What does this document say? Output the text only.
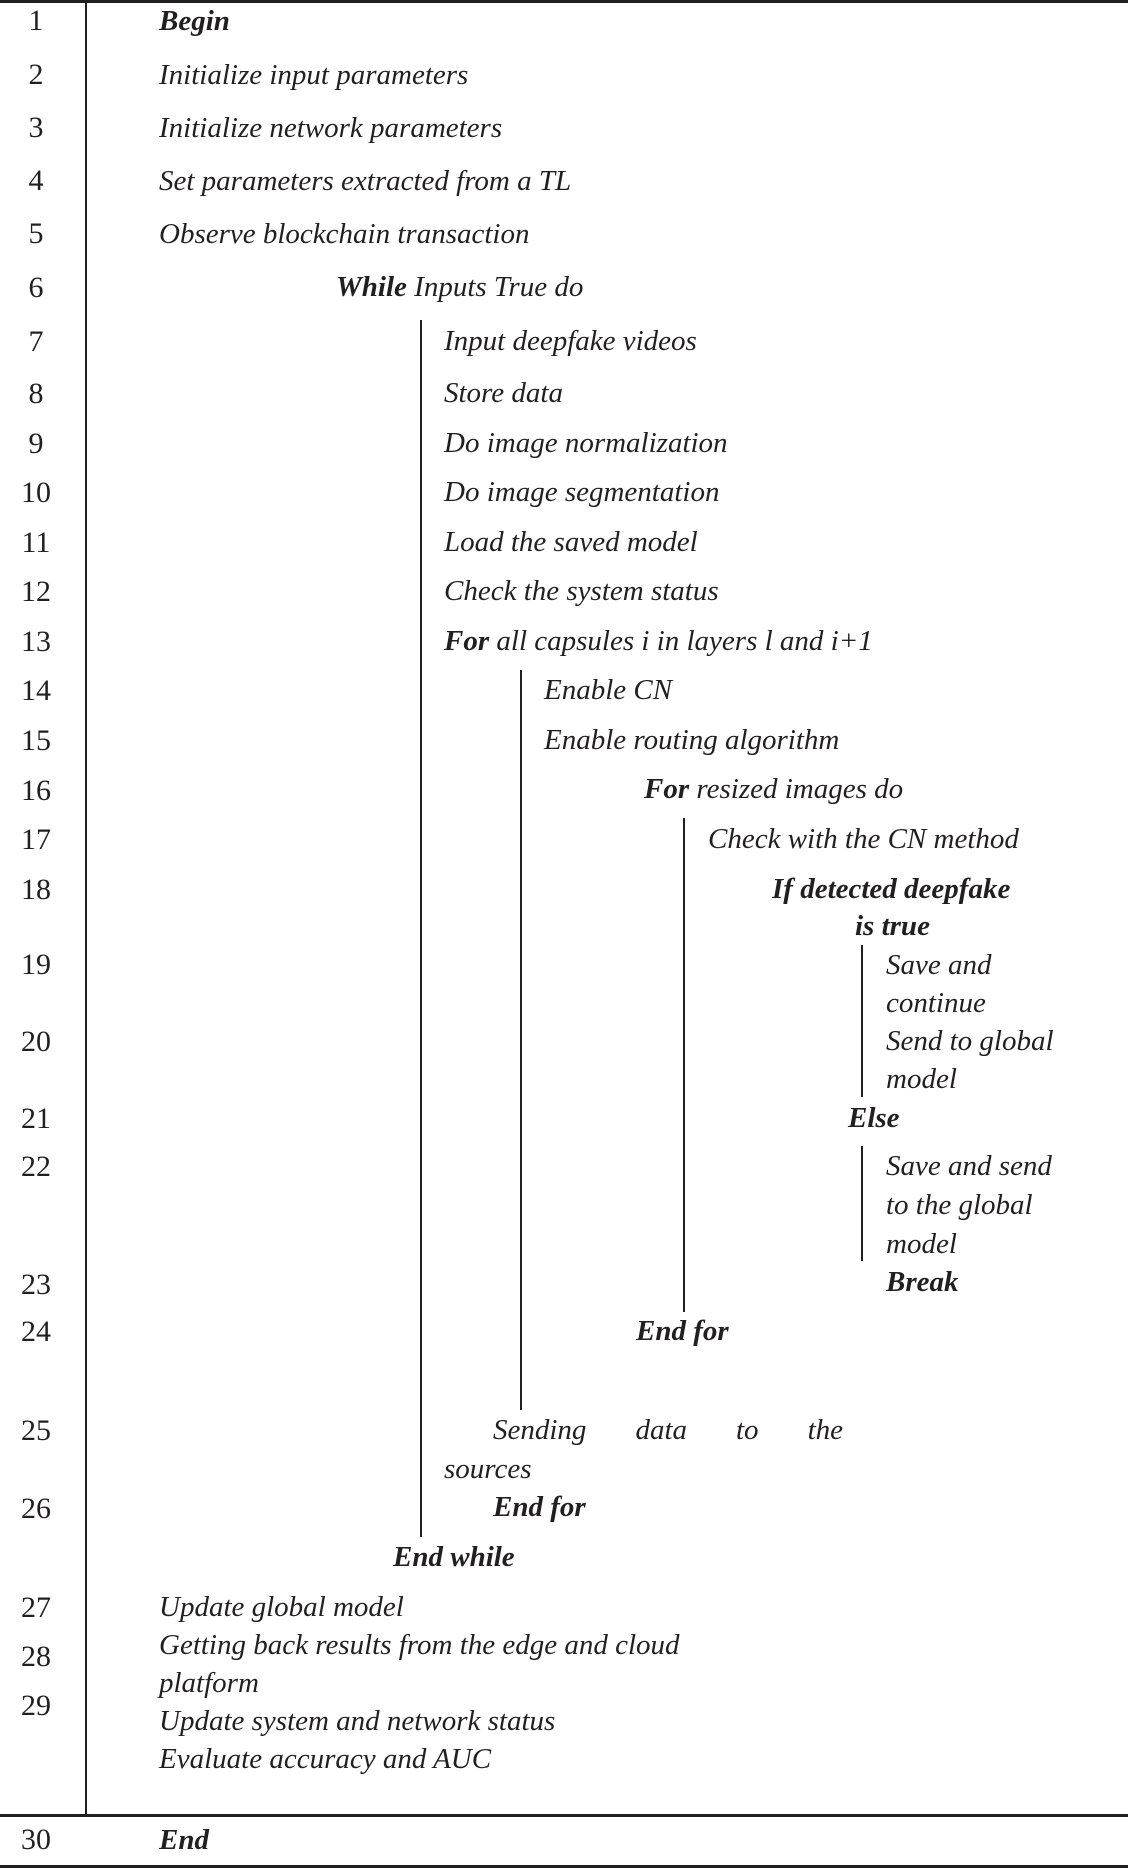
1
2
3
4
5
6
7
8
9
10
11
12
13
14
15
16
17
18
19
20
21
22
23
24
25
26
27
28
29
30
Begin
Initialize input parameters
Initialize network parameters
Set parameters extracted from a TL
Observe blockchain transaction
While Inputs True do
Input deepfake videos
Store data
Do image normalization
Do image segmentation
Load the saved model
Check the system status
For all capsules i in layers l and i+1
Enable CN
Enable routing algorithm
For resized images do
Check with the CN method
If detected deepfake
is true
Save and
continue
Send to global
model
Else
Save and send
to the global
model
Break
End for
Sending data to the
sources
End for
End while
Update global model
Getting back results from the edge and cloud
platform
Update system and network status
Evaluate accuracy and AUC
End
